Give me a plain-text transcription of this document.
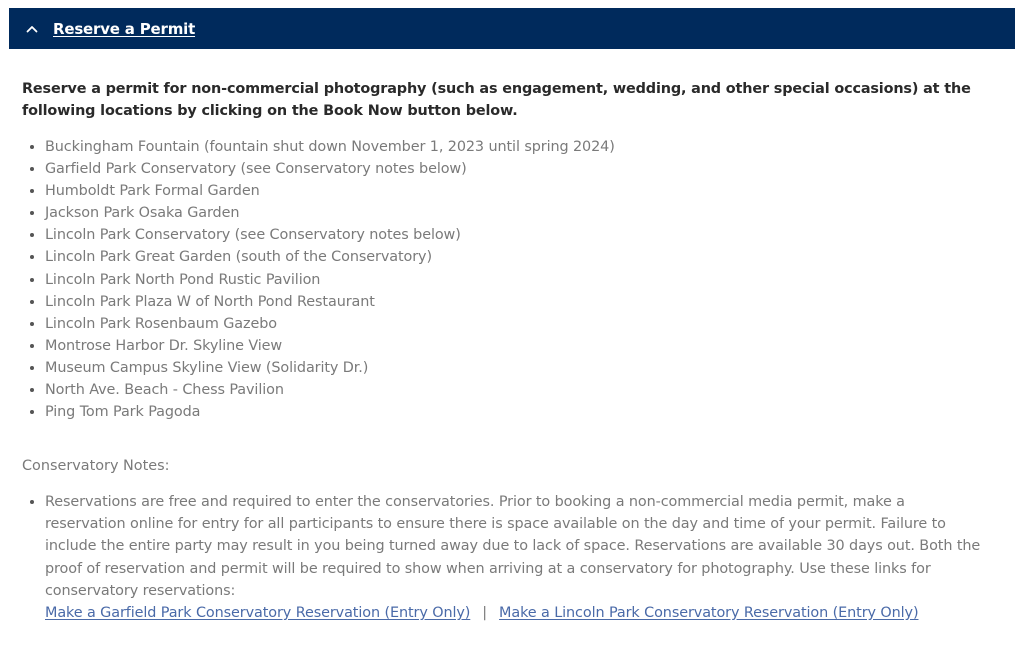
Reserve a Permit

Reserve a permit for non-commercial photography (such as engagement, wedding, and other special occasions) at the following locations by clicking on the Book Now button below.

Buckingham Fountain (fountain shut down November 1, 2023 until spring 2024)
Garfield Park Conservatory (see Conservatory notes below)
Humboldt Park Formal Garden
Jackson Park Osaka Garden
Lincoln Park Conservatory (see Conservatory notes below)
Lincoln Park Great Garden (south of the Conservatory)
Lincoln Park North Pond Rustic Pavilion
Lincoln Park Plaza W of North Pond Restaurant
Lincoln Park Rosenbaum Gazebo
Montrose Harbor Dr. Skyline View
Museum Campus Skyline View (Solidarity Dr.)
North Ave. Beach - Chess Pavilion
Ping Tom Park Pagoda

Conservatory Notes:

Reservations are free and required to enter the conservatories. Prior to booking a non-commercial media permit, make a reservation online for entry for all participants to ensure there is space available on the day and time of your permit. Failure to include the entire party may result in you being turned away due to lack of space. Reservations are available 30 days out. Both the proof of reservation and permit will be required to show when arriving at a conservatory for photography. Use these links for conservatory reservations:
Make a Garfield Park Conservatory Reservation (Entry Only) | Make a Lincoln Park Conservatory Reservation (Entry Only)
